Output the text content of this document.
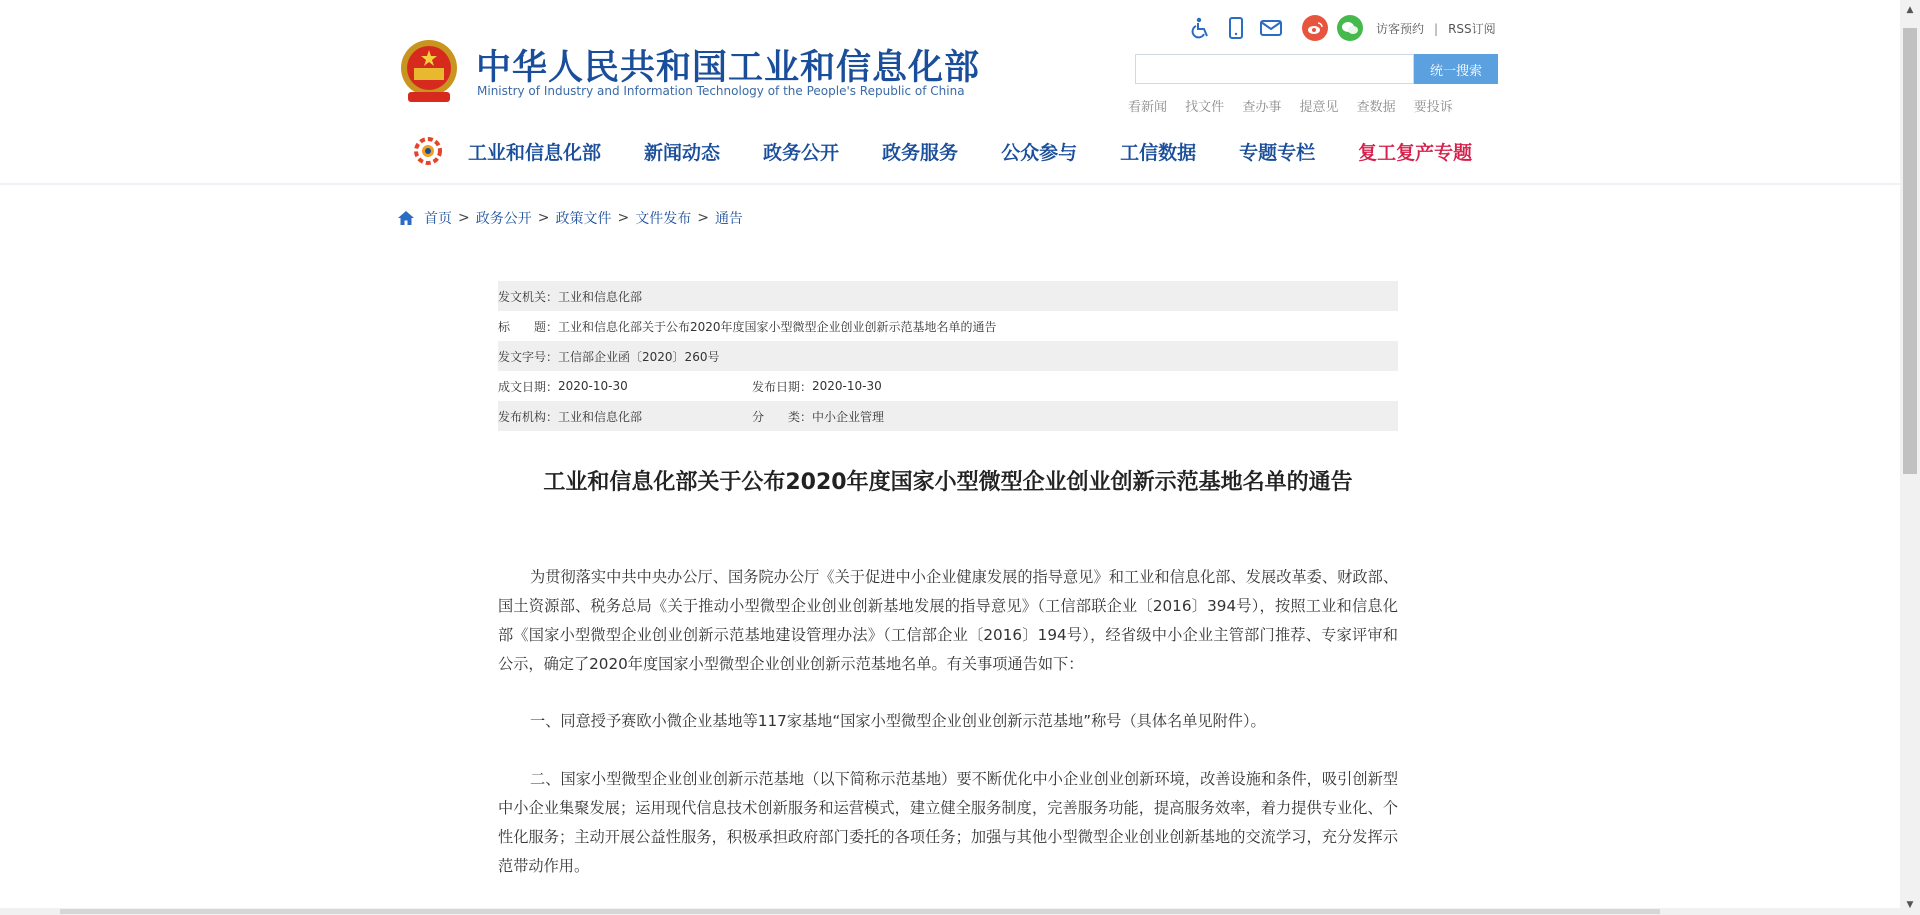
中华人民共和国工业和信息化部
Ministry of Industry and Information Technology of the People's Republic of China
访客预约 | RSS订阅
统一搜索
看新闻 找文件 查办事 提意见 查数据 要投诉
工业和信息化部 新闻动态 政务公开 政务服务 公众参与 工信数据 专题专栏 复工复产专题
首页 > 政务公开 > 政策文件 > 文件发布 > 通告
发文机关： 工业和信息化部
标　　题： 工业和信息化部关于公布2020年度国家小型微型企业创业创新示范基地名单的通告
发文字号： 工信部企业函〔2020〕260号
成文日期： 2020-10-30	发布日期： 2020-10-30
发布机构： 工业和信息化部	分　　类： 中小企业管理
工业和信息化部关于公布2020年度国家小型微型企业创业创新示范基地名单的通告
为贯彻落实中共中央办公厅、国务院办公厅《关于促进中小企业健康发展的指导意见》和工业和信息化部、发展改革委、财政部、国土资源部、税务总局《关于推动小型微型企业创业创新基地发展的指导意见》（工信部联企业〔2016〕394号），按照工业和信息化部《国家小型微型企业创业创新示范基地建设管理办法》（工信部企业〔2016〕194号），经省级中小企业主管部门推荐、专家评审和公示，确定了2020年度国家小型微型企业创业创新示范基地名单。有关事项通告如下：
一、同意授予赛欧小微企业基地等117家基地“国家小型微型企业创业创新示范基地”称号（具体名单见附件）。
二、国家小型微型企业创业创新示范基地（以下简称示范基地）要不断优化中小企业创业创新环境，改善设施和条件，吸引创新型中小企业集聚发展；运用现代信息技术创新服务和运营模式，建立健全服务制度，完善服务功能，提高服务效率，着力提供专业化、个性化服务；主动开展公益性服务，积极承担政府部门委托的各项任务；加强与其他小型微型企业创业创新基地的交流学习，充分发挥示范带动作用。
▲
▼
